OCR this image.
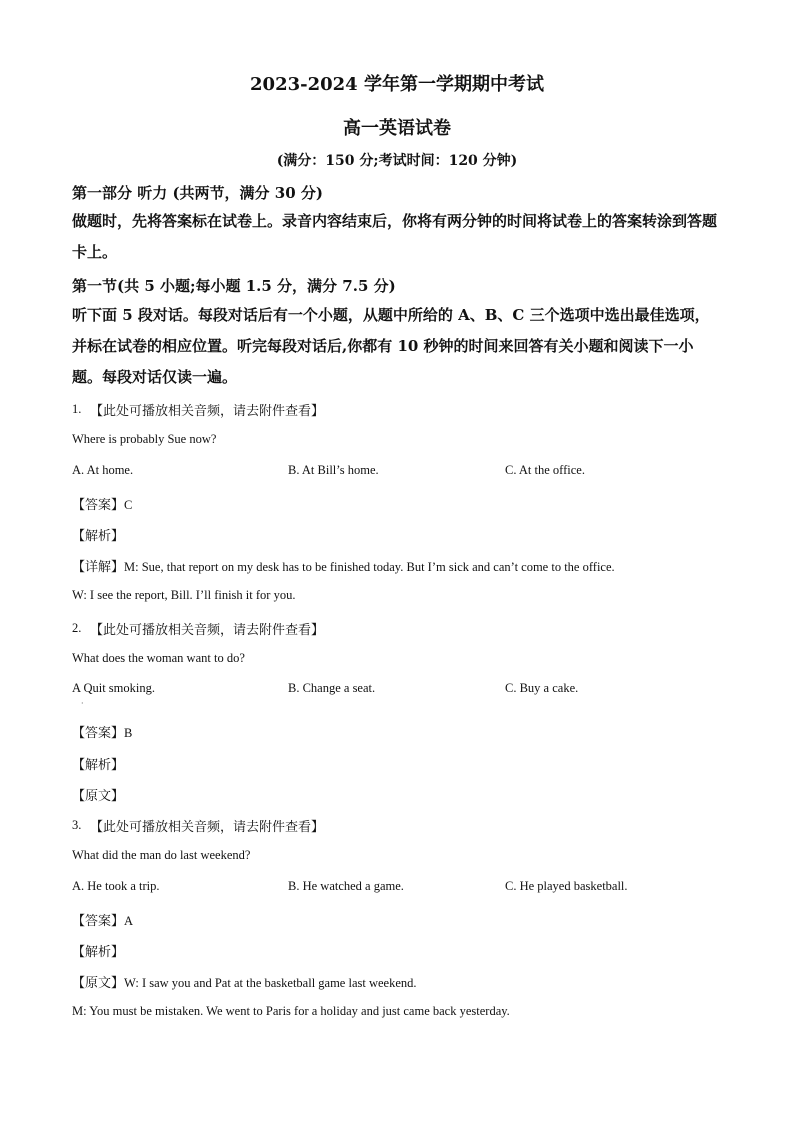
2023-2024 学年第一学期期中考试
高一英语试卷
(满分：150 分;考试时间：120 分钟)
第一部分 听力 (共两节，满分 30 分)
做题时，先将答案标在试卷上。录音内容结束后，你将有两分钟的时间将试卷上的答案转涂到答题卡上。
第一节(共 5 小题;每小题 1.5 分，满分 7.5 分)
听下面 5 段对话。每段对话后有一个小题，从题中所给的 A、B、C 三个选项中选出最佳选项，并标在试卷的相应位置。听完每段对话后,你都有 10 秒钟的时间来回答有关小题和阅读下一小题。每段对话仅读一遍。
1. 【此处可播放相关音频，请去附件查看】
Where is probably Sue now?
A. At home.	B. At Bill’s home.	C. At the office.
【答案】C
【解析】
【详解】M: Sue, that report on my desk has to be finished today. But I’m sick and can’t come to the office.
W: I see the report, Bill. I’ll finish it for you.
2. 【此处可播放相关音频，请去附件查看】
What does the woman want to do?
A Quit smoking.	B. Change a seat.	C. Buy a cake.
·
【答案】B
【解析】
【原文】
3. 【此处可播放相关音频，请去附件查看】
What did the man do last weekend?
A. He took a trip.	B. He watched a game.	C. He played basketball.
【答案】A
【解析】
【原文】W: I saw you and Pat at the basketball game last weekend.
M: You must be mistaken. We went to Paris for a holiday and just came back yesterday.
